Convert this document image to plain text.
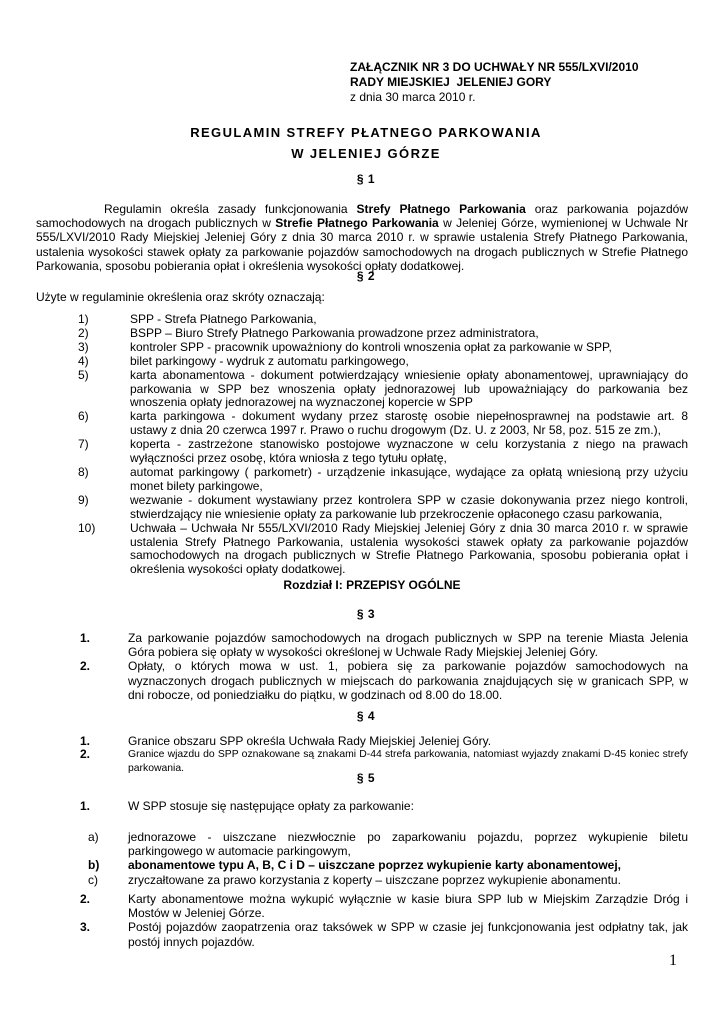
ZAŁĄCZNIK NR 3 DO UCHWAŁY NR 555/LXVI/2010
RADY MIEJSKIEJ  JELENIEJ GORY
z dnia 30 marca 2010 r.
REGULAMIN STREFY PŁATNEGO PARKOWANIA
W JELENIEJ GÓRZE
§ 1

Regulamin określa zasady funkcjonowania Strefy Płatnego Parkowania oraz parkowania pojazdów samochodowych na drogach publicznych w Strefie Płatnego Parkowania w Jeleniej Górze, wymienionej w Uchwale Nr 555/LXVI/2010 Rady Miejskiej Jeleniej Góry z dnia 30 marca 2010 r. w sprawie ustalenia Strefy Płatnego Parkowania, ustalenia wysokości stawek opłaty za parkowanie pojazdów samochodowych na drogach publicznych w Strefie Płatnego Parkowania, sposobu pobierania opłat i określenia wysokości opłaty dodatkowej.

§ 2
Użyte w regulaminie określenia oraz skróty oznaczają:
1)	SPP - Strefa Płatnego Parkowania,
2)	BSPP – Biuro Strefy Płatnego Parkowania prowadzone przez administratora,
3)	kontroler SPP - pracownik upoważniony do kontroli wnoszenia opłat za parkowanie w SPP,
4)	bilet parkingowy - wydruk z automatu parkingowego,
5)	karta abonamentowa - dokument potwierdzający wniesienie opłaty abonamentowej, uprawniający do parkowania w SPP bez wnoszenia opłaty jednorazowej lub upoważniający do parkowania bez wnoszenia opłaty jednorazowej na wyznaczonej kopercie w SPP
6)	karta parkingowa - dokument wydany przez starostę osobie niepełnosprawnej na podstawie art. 8 ustawy z dnia 20 czerwca 1997 r. Prawo o ruchu drogowym (Dz. U. z 2003, Nr 58, poz. 515 ze zm.),
7)	koperta - zastrzeżone stanowisko postojowe wyznaczone w celu korzystania z niego na prawach wyłączności przez osobę, która wniosła z tego tytułu opłatę,
8)	automat parkingowy ( parkometr) - urządzenie inkasujące, wydające za opłatą wniesioną przy użyciu monet bilety parkingowe,
9)	wezwanie - dokument wystawiany przez kontrolera SPP w czasie dokonywania przez niego kontroli, stwierdzający nie wniesienie opłaty za parkowanie lub przekroczenie opłaconego czasu parkowania,
10)	Uchwała – Uchwała Nr 555/LXVI/2010 Rady Miejskiej Jeleniej Góry z dnia 30 marca 2010 r. w sprawie ustalenia Strefy Płatnego Parkowania, ustalenia wysokości stawek opłaty za parkowanie pojazdów samochodowych na drogach publicznych w Strefie Płatnego Parkowania, sposobu pobierania opłat i określenia wysokości opłaty dodatkowej.
Rozdział I: PRZEPISY OGÓLNE
§ 3
1.	Za parkowanie pojazdów samochodowych na drogach publicznych w SPP na terenie Miasta Jelenia Góra pobiera się opłaty w wysokości określonej w Uchwale Rady Miejskiej Jeleniej Góry.
2.	Opłaty, o których mowa w ust. 1, pobiera się za parkowanie pojazdów samochodowych na wyznaczonych drogach publicznych w miejscach do parkowania znajdujących się w granicach SPP, w dni robocze, od poniedziałku do piątku, w godzinach od 8.00 do 18.00.
§ 4
1.	Granice obszaru SPP określa Uchwała Rady Miejskiej Jeleniej Góry.
2.	Granice wjazdu do SPP oznakowane są znakami D-44 strefa parkowania, natomiast wyjazdy znakami D-45 koniec strefy parkowania.
§ 5
1.	W SPP stosuje się następujące opłaty za parkowanie:
a)	jednorazowe - uiszczane niezwłocznie po zaparkowaniu pojazdu, poprzez wykupienie biletu parkingowego w automacie parkingowym,
b)	abonamentowe typu A, B, C i D – uiszczane poprzez wykupienie karty abonamentowej,
c)	zryczałtowane za prawo korzystania z koperty – uiszczane poprzez wykupienie abonamentu.
2.	Karty abonamentowe można wykupić wyłącznie w kasie biura SPP lub w Miejskim Zarządzie Dróg i Mostów w Jeleniej Górze.
3.	Postój pojazdów zaopatrzenia oraz taksówek w SPP w czasie jej funkcjonowania jest odpłatny tak, jak postój innych pojazdów.
1
